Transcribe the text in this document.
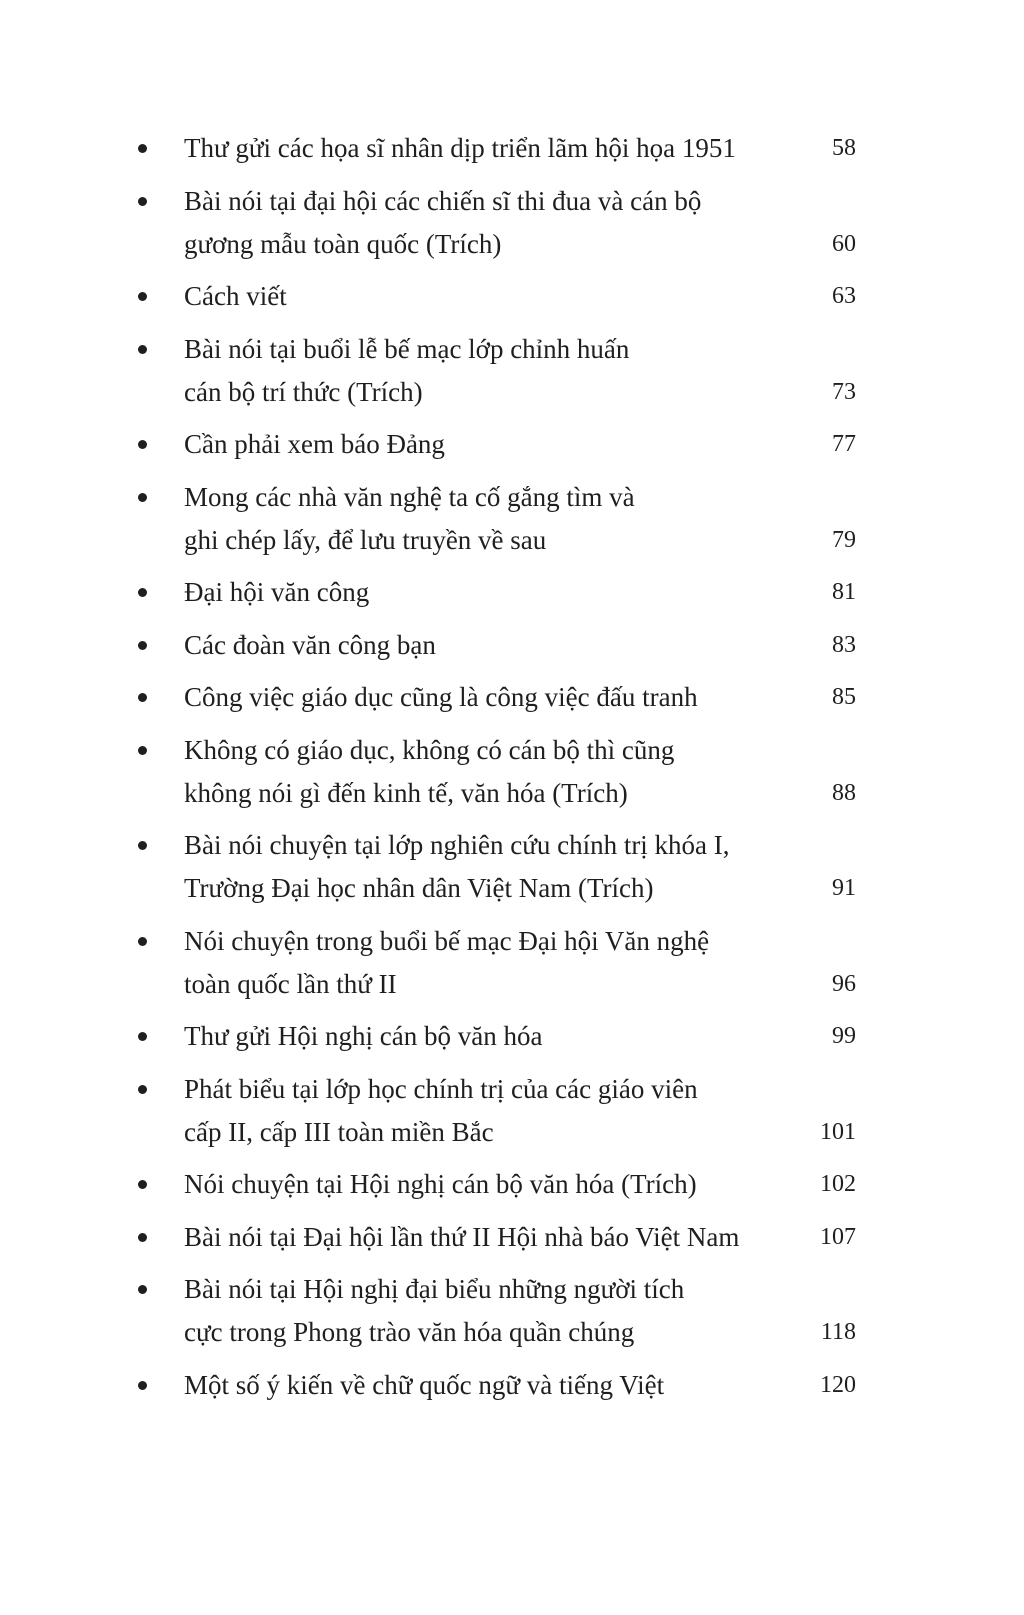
Thư gửi các họa sĩ nhân dịp triển lãm hội họa 1951	58
Bài nói tại đại hội các chiến sĩ thi đua và cán bộ
gương mẫu toàn quốc (Trích)	60
Cách viết	63
Bài nói tại buổi lễ bế mạc lớp chỉnh huấn
cán bộ trí thức (Trích)	73
Cần phải xem báo Đảng	77
Mong các nhà văn nghệ ta cố gắng tìm và
ghi chép lấy, để lưu truyền về sau	79
Đại hội văn công	81
Các đoàn văn công bạn	83
Công việc giáo dục cũng là công việc đấu tranh	85
Không có giáo dục, không có cán bộ thì cũng
không nói gì đến kinh tế, văn hóa (Trích)	88
Bài nói chuyện tại lớp nghiên cứu chính trị khóa I,
Trường Đại học nhân dân Việt Nam (Trích)	91
Nói chuyện trong buổi bế mạc Đại hội Văn nghệ
toàn quốc lần thứ II	96
Thư gửi Hội nghị cán bộ văn hóa	99
Phát biểu tại lớp học chính trị của các giáo viên
cấp II, cấp III toàn miền Bắc	101
Nói chuyện tại Hội nghị cán bộ văn hóa (Trích)	102
Bài nói tại Đại hội lần thứ II Hội nhà báo Việt Nam	107
Bài nói tại Hội nghị đại biểu những người tích
cực trong Phong trào văn hóa quần chúng	118
Một số ý kiến về chữ quốc ngữ và tiếng Việt	120
